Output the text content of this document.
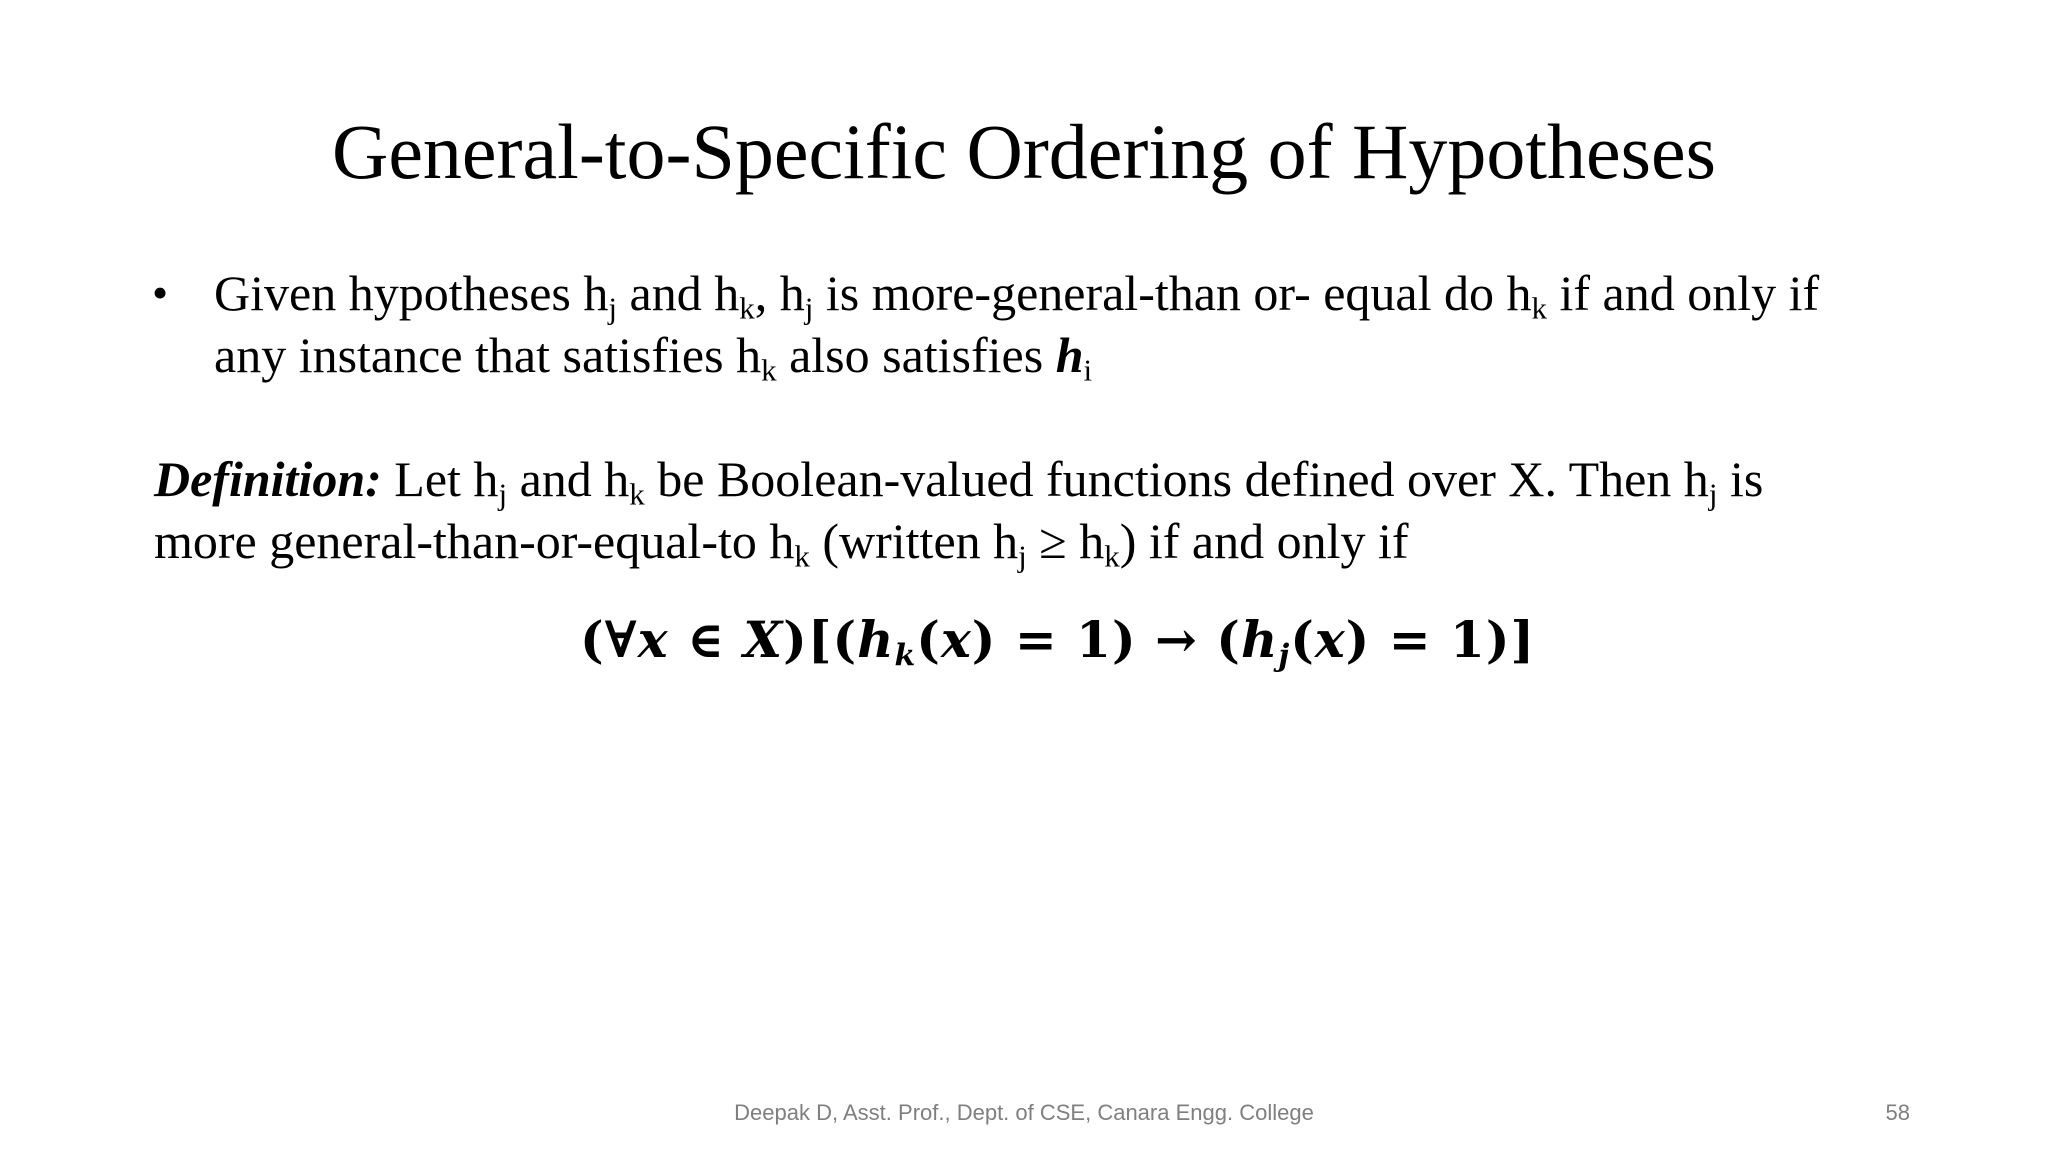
General-to-Specific Ordering of Hypotheses
• Given hypotheses $h_j$ and $h_k$, $h_j$ is more-general-than or- equal do $h_k$ if and only if
any instance that satisfies $h_k$ also satisfies $h_i$
Definition: Let $h_j$ and $h_k$ be Boolean-valued functions defined over X. Then $h_j$ is
more general-than-or-equal-to $h_k$ (written $h_j \ge h_k$) if and only if
(∀x ∈ $X)[(h_k(x) = 1) \to (h_j(x) = 1)]$
Deepak D, Asst. Prof., Dept. of CSE, Canara Engg. College	58
